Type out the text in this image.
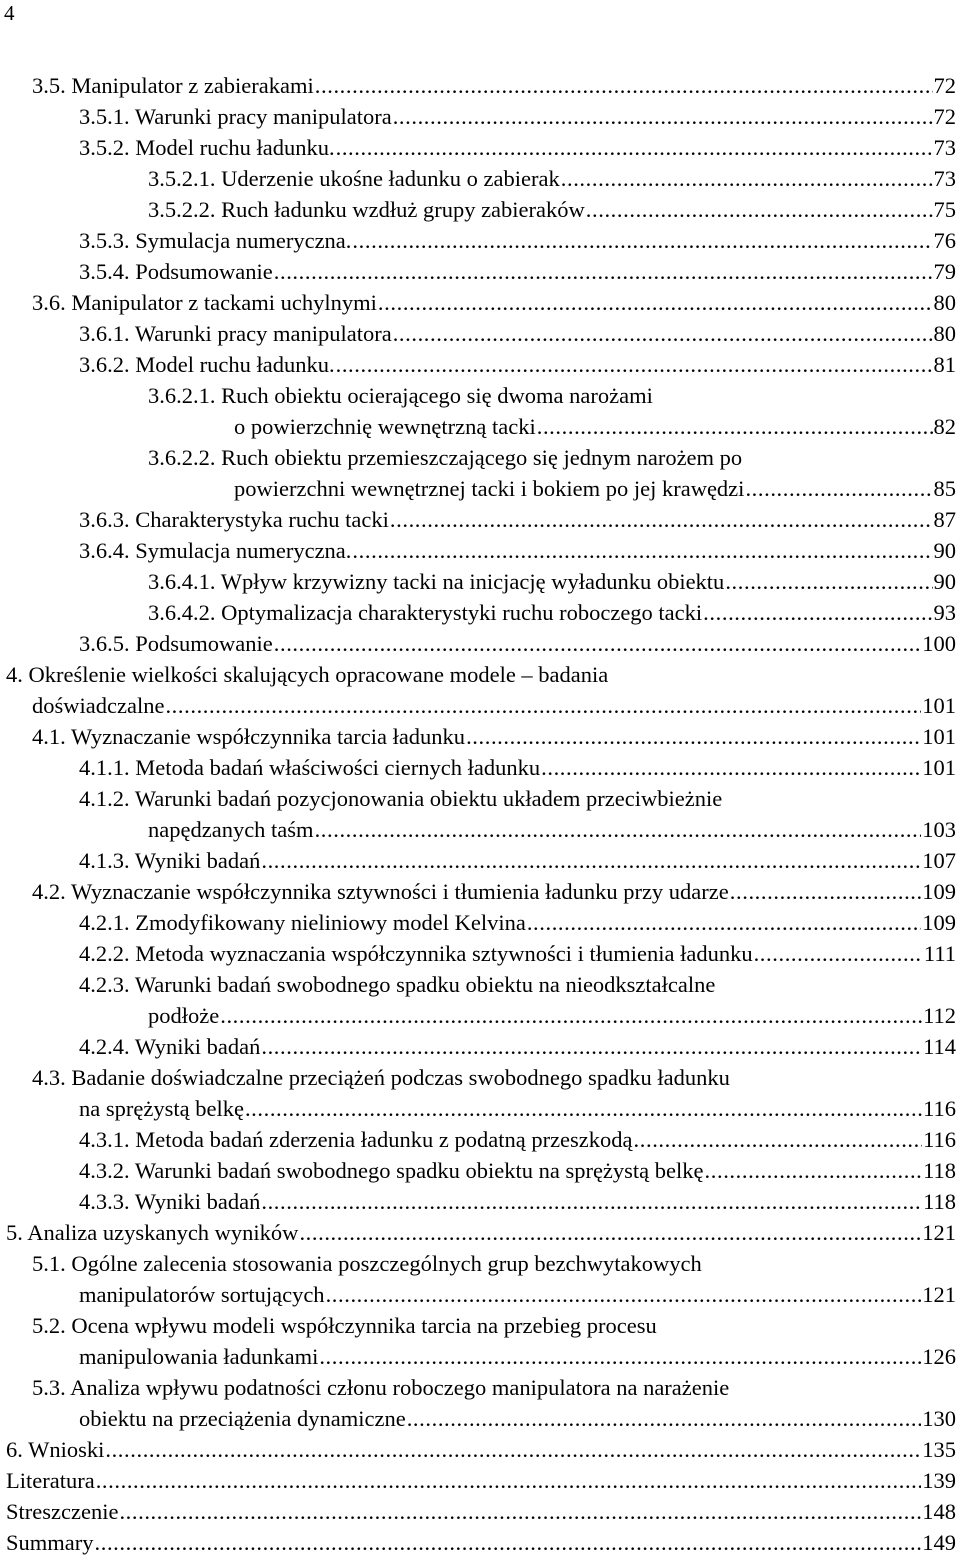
4
3.5. Manipulator z zabierakami .....	72
3.5.1. Warunki pracy manipulatora .....	72
3.5.2. Model ruchu ładunku. .....	73
3.5.2.1. Uderzenie ukośne ładunku o zabierak .....	73
3.5.2.2. Ruch ładunku wzdłuż grupy zabieraków .....	75
3.5.3. Symulacja numeryczna. .....	76
3.5.4. Podsumowanie .....	79
3.6. Manipulator z tackami uchylnymi .....	80
3.6.1. Warunki pracy manipulatora .....	80
3.6.2. Model ruchu ładunku. .....	81
3.6.2.1. Ruch obiektu ocierającego się dwoma narożami
o powierzchnię wewnętrzną tacki .....	82
3.6.2.2. Ruch obiektu przemieszczającego się jednym narożem po
powierzchni wewnętrznej tacki i bokiem po jej krawędzi .....	85
3.6.3. Charakterystyka ruchu tacki .....	87
3.6.4. Symulacja numeryczna. .....	90
3.6.4.1. Wpływ krzywizny tacki na inicjację wyładunku obiektu .....	90
3.6.4.2. Optymalizacja charakterystyki ruchu roboczego tacki .....	93
3.6.5. Podsumowanie .....	100
4. Określenie wielkości skalujących opracowane modele – badania
doświadczalne .....	101
4.1. Wyznaczanie współczynnika tarcia ładunku .....	101
4.1.1. Metoda badań właściwości ciernych ładunku .....	101
4.1.2. Warunki badań pozycjonowania obiektu układem przeciwbieżnie
napędzanych taśm .....	103
4.1.3. Wyniki badań .....	107
4.2. Wyznaczanie współczynnika sztywności i tłumienia ładunku przy udarze .....	109
4.2.1. Zmodyfikowany nieliniowy model Kelvina .....	109
4.2.2. Metoda wyznaczania współczynnika sztywności i tłumienia ładunku .....	111
4.2.3. Warunki badań swobodnego spadku obiektu na nieodkształcalne
podłoże .....	112
4.2.4. Wyniki badań .....	114
4.3. Badanie doświadczalne przeciążeń podczas swobodnego spadku ładunku
na sprężystą belkę .....	116
4.3.1. Metoda badań zderzenia ładunku z podatną przeszkodą .....	116
4.3.2. Warunki badań swobodnego spadku obiektu na sprężystą belkę .....	118
4.3.3. Wyniki badań .....	118
5. Analiza uzyskanych wyników .....	121
5.1. Ogólne zalecenia stosowania poszczególnych grup bezchwytakowych
manipulatorów sortujących .....	121
5.2. Ocena wpływu modeli współczynnika tarcia na przebieg procesu
manipulowania ładunkami .....	126
5.3. Analiza wpływu podatności członu roboczego manipulatora na narażenie
obiektu na przeciążenia dynamiczne .....	130
6. Wnioski .....	135
Literatura .....	139
Streszczenie .....	148
Summary .....	149
